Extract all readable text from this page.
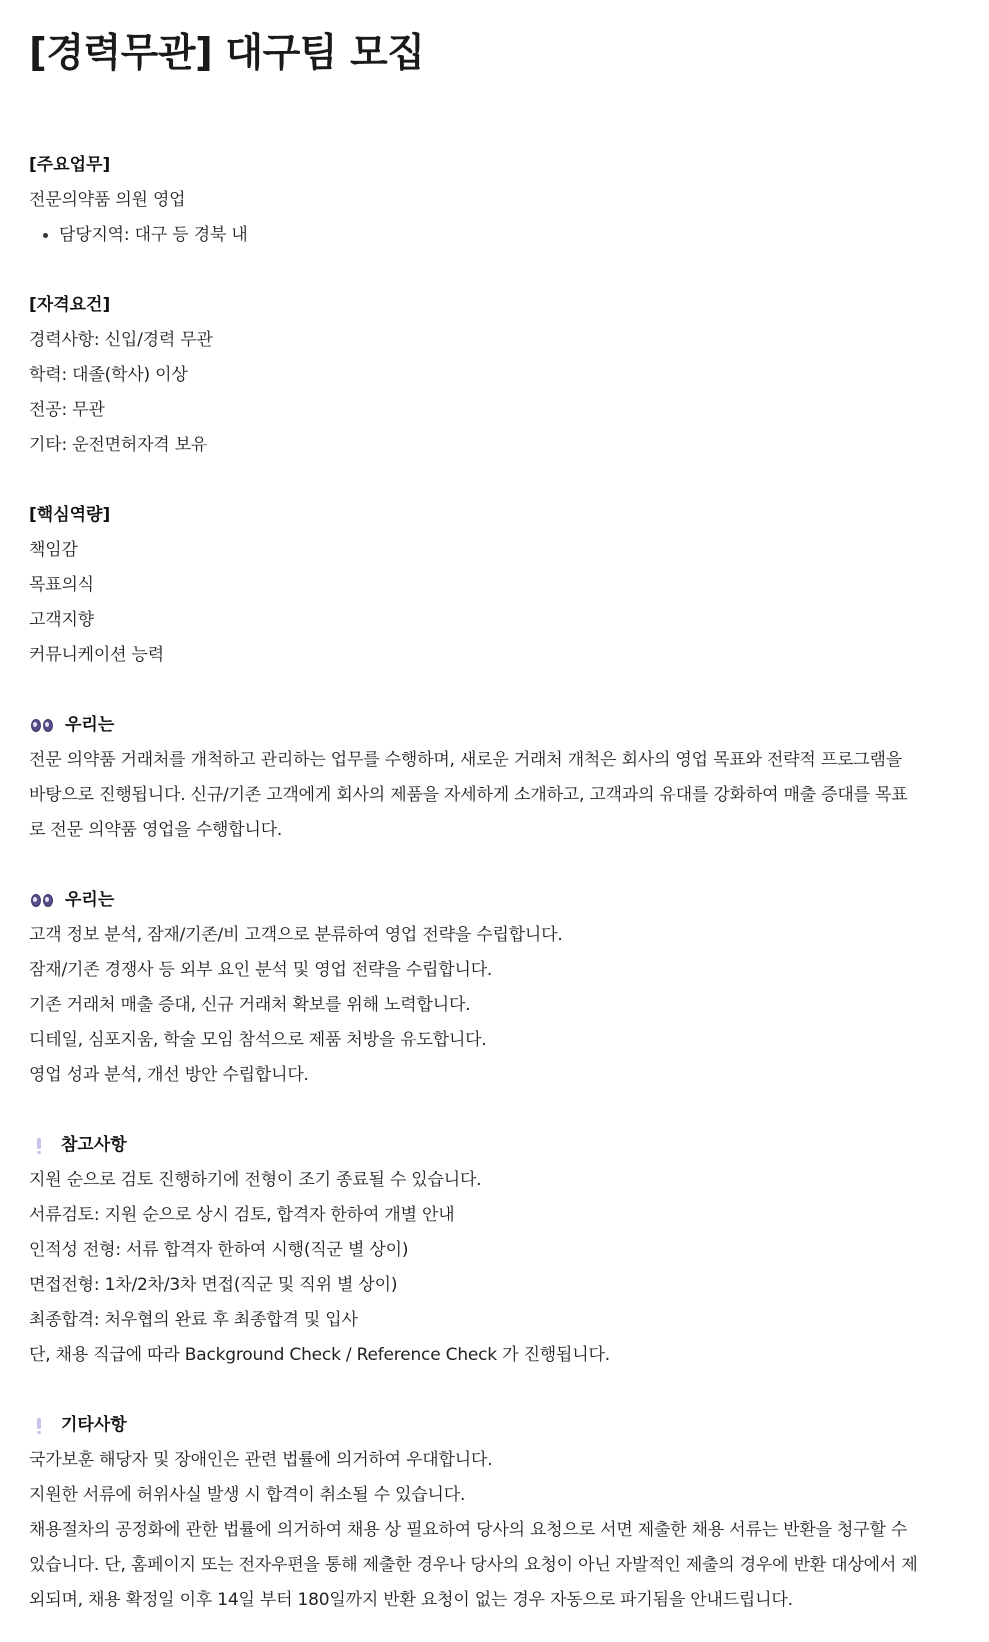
[경력무관] 대구팀 모집
[주요업무]
전문의약품 의원 영업
담당지역: 대구 등 경북 내
[자격요건]
경력사항: 신입/경력 무관
학력: 대졸(학사) 이상
전공: 무관
기타: 운전면허자격 보유
[핵심역량]
책임감
목표의식
고객지향
커뮤니케이션 능력
우리는
전문 의약품 거래처를 개척하고 관리하는 업무를 수행하며, 새로운 거래처 개척은 회사의 영업 목표와 전략적 프로그램을
바탕으로 진행됩니다. 신규/기존 고객에게 회사의 제품을 자세하게 소개하고, 고객과의 유대를 강화하여 매출 증대를 목표
로 전문 의약품 영업을 수행합니다.
우리는
고객 정보 분석, 잠재/기존/비 고객으로 분류하여 영업 전략을 수립합니다.
잠재/기존 경쟁사 등 외부 요인 분석 및 영업 전략을 수립합니다.
기존 거래처 매출 증대, 신규 거래처 확보를 위해 노력합니다.
디테일, 심포지움, 학술 모임 참석으로 제품 처방을 유도합니다.
영업 성과 분석, 개선 방안 수립합니다.
참고사항
지원 순으로 검토 진행하기에 전형이 조기 종료될 수 있습니다.
서류검토: 지원 순으로 상시 검토, 합격자 한하여 개별 안내
인적성 전형: 서류 합격자 한하여 시행(직군 별 상이)
면접전형: 1차/2차/3차 면접(직군 및 직위 별 상이)
최종합격: 처우협의 완료 후 최종합격 및 입사
단, 채용 직급에 따라 Background Check / Reference Check 가 진행됩니다.
기타사항
국가보훈 해당자 및 장애인은 관련 법률에 의거하여 우대합니다.
지원한 서류에 허위사실 발생 시 합격이 취소될 수 있습니다.
채용절차의 공정화에 관한 법률에 의거하여 채용 상 필요하여 당사의 요청으로 서면 제출한 채용 서류는 반환을 청구할 수
있습니다. 단, 홈페이지 또는 전자우편을 통해 제출한 경우나 당사의 요청이 아닌 자발적인 제출의 경우에 반환 대상에서 제
외되며, 채용 확정일 이후 14일 부터 180일까지 반환 요청이 없는 경우 자동으로 파기됨을 안내드립니다.
